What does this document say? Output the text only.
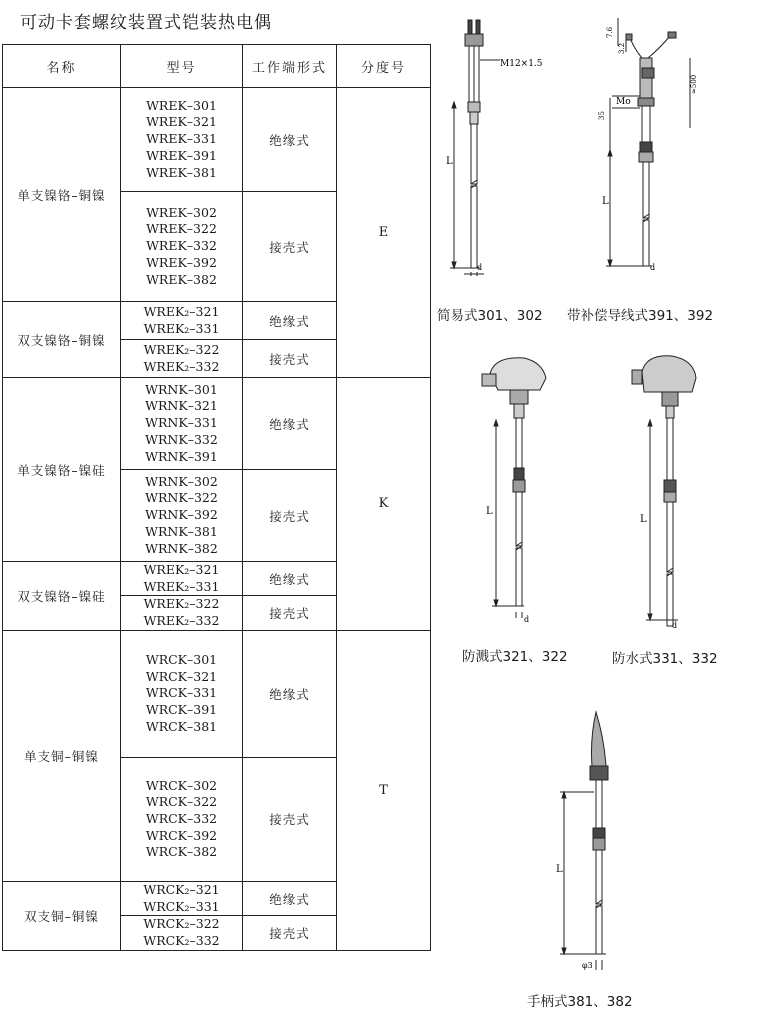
可动卡套螺纹装置式铠装热电偶
名称	型号	工作端形式	分度号
单支镍铬–铜镍	WREK–301
WREK–321
WREK–331
WREK–391
WREK–381	绝缘式	E

	WREK–302
WREK–322
WREK–332
WREK–392
WREK–382	接壳式	
双支镍铬–铜镍	WREK₂–321
WREK₂–331	绝缘式	

	WREK₂–322
WREK₂–332	接壳式	
单支镍铬–镍硅	WRNK–301
WRNK–321
WRNK–331
WRNK–332
WRNK–391	绝缘式	K

	WRNK–302
WRNK–322
WRNK–392
WRNK–381
WRNK–382	接壳式	
双支镍铬–镍硅	WREK₂–321
WREK₂–331	绝缘式	

	WREK₂–322
WREK₂–332	接壳式	
单支铜–铜镍	WRCK–301
WRCK–321
WRCK–331
WRCK–391
WRCK–381	绝缘式	T

	WRCK–302
WRCK–322
WRCK–332
WRCK–392
WRCK–382	接壳式	
双支铜–铜镍	WRCK₂–321
WRCK₂–331	绝缘式	

	WRCK₂–322
WRCK₂–332	接壳式	
M12×1.5
L
d
简易式301、302
7.6
3.2
≈500
35
Mo
L
d
带补偿导线式391、392
L
d
防溅式321、322
L
d
防水式331、332
L
φ3
手柄式381、382
